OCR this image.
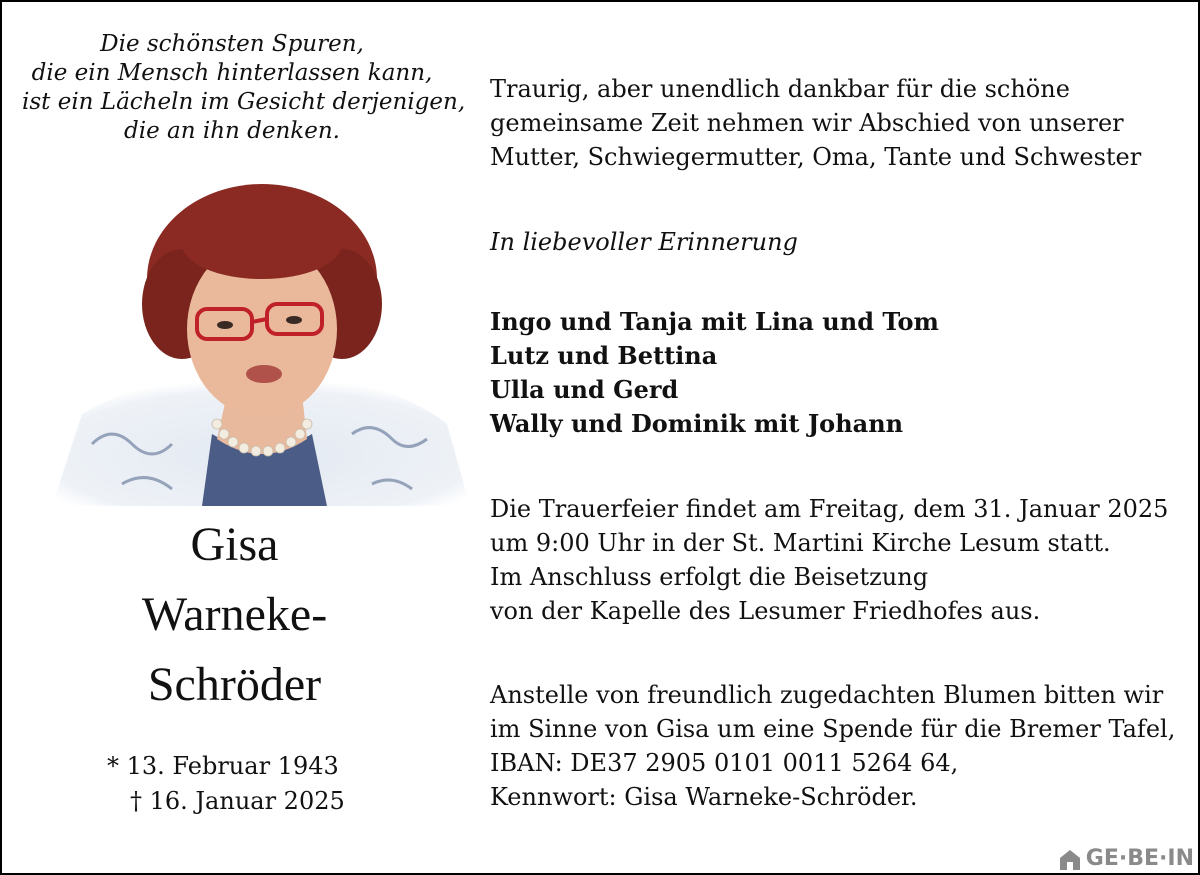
Die schönsten Spuren,
die ein Mensch hinterlassen kann,
ist ein Lächeln im Gesicht derjenigen,
die an ihn denken.
Gisa
Warneke-
Schröder
* 13. Februar 1943
† 16. Januar 2025
Traurig, aber unendlich dankbar für die schöne
gemeinsame Zeit nehmen wir Abschied von unserer
Mutter, Schwiegermutter, Oma, Tante und Schwester
In liebevoller Erinnerung
Ingo und Tanja mit Lina und Tom
Lutz und Bettina
Ulla und Gerd
Wally und Dominik mit Johann
Die Trauerfeier findet am Freitag, dem 31. Januar 2025
um 9:00 Uhr in der St. Martini Kirche Lesum statt.
Im Anschluss erfolgt die Beisetzung
von der Kapelle des Lesumer Friedhofes aus.
Anstelle von freundlich zugedachten Blumen bitten wir
im Sinne von Gisa um eine Spende für die Bremer Tafel,
IBAN: DE37 2905 0101 0011 5264 64,
Kennwort: Gisa Warneke-Schröder.
GE·BE·IN
